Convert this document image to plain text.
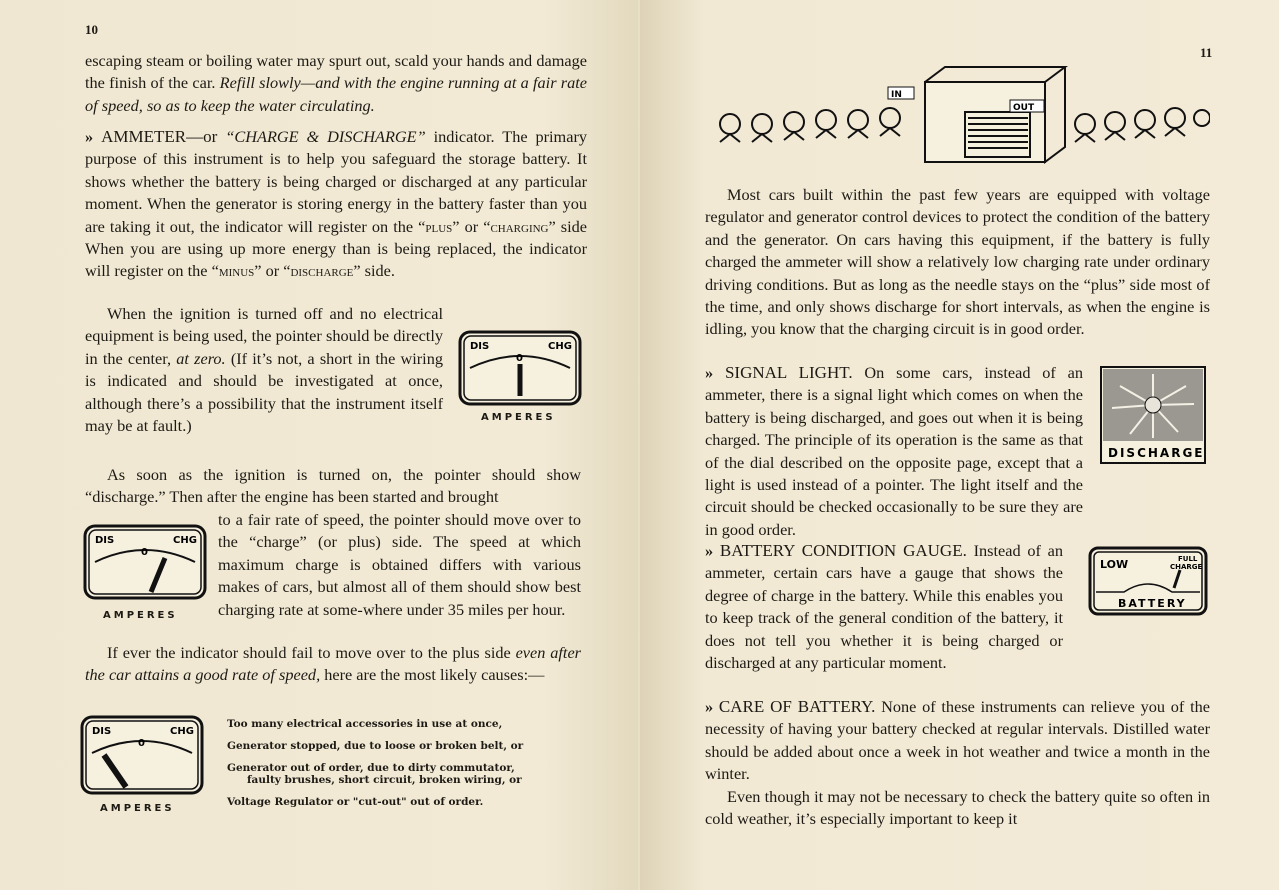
10

escaping steam or boiling water may spurt out, scald your hands and damage the finish of the car. Refill slowly—and with the engine running at a fair rate of speed, so as to keep the water circulating.

» AMMETER—or “CHARGE & DISCHARGE” indicator. The primary purpose of this instrument is to help you safeguard the storage battery. It shows whether the battery is being charged or discharged at any particular moment. When the generator is storing energy in the battery faster than you are taking it out, the indicator will register on the “plus” or “charging” side When you are using up more energy than is being replaced, the indicator will register on the “minus” or “discharge” side.

When the ignition is turned off and no electrical equipment is being used, the pointer should be directly in the center, at zero. (If it’s not, a short in the wiring is indicated and should be investigated at once, although there’s a possibility that the instrument itself may be at fault.)

DIS	CHG
0
AMPERES

As soon as the ignition is turned on, the pointer should show “discharge.” Then after the engine has been started and brought

to a fair rate of speed, the pointer should move over to the “charge” (or plus) side. The speed at which maximum charge is obtained differs with various makes of cars, but almost all of them should show best charging rate at some-where under 35 miles per hour.

DIS	CHG
0
AMPERES

If ever the indicator should fail to move over to the plus side even after the car attains a good rate of speed, here are the most likely causes:—

DIS	CHG
0
AMPERES
Too many electrical accessories in use at once,
Generator stopped, due to loose or broken belt, or
Generator out of order, due to dirty commutator,
faulty brushes, short circuit, broken wiring, or
Voltage Regulator or "cut-out" out of order.
11
IN
OUT

Most cars built within the past few years are equipped with voltage regulator and generator control devices to protect the condition of the battery and the generator. On cars having this equipment, if the battery is fully charged the ammeter will show a relatively low charging rate under ordinary driving conditions. But as long as the needle stays on the “plus” side most of the time, and only shows discharge for short intervals, as when the engine is idling, you know that the charging circuit is in good order.

» SIGNAL LIGHT. On some cars, instead of an ammeter, there is a signal light which comes on when the battery is being discharged, and goes out when it is being charged. The principle of its operation is the same as that of the dial described on the opposite page, except that a light is used instead of a pointer. The light itself and the circuit should be checked occasionally to be sure they are in good order.

DISCHARGE

» BATTERY CONDITION GAUGE. Instead of an ammeter, certain cars have a gauge that shows the degree of charge in the battery. While this enables you to keep track of the general condition of the battery, it does not tell you whether it is being charged or discharged at any particular moment.

LOW	FULL
CHARGE
BATTERY

» CARE OF BATTERY. None of these instruments can relieve you of the necessity of having your battery checked at regular intervals. Distilled water should be added about once a week in hot weather and twice a month in the winter.

Even though it may not be necessary to check the battery quite so often in cold weather, it’s especially important to keep it
